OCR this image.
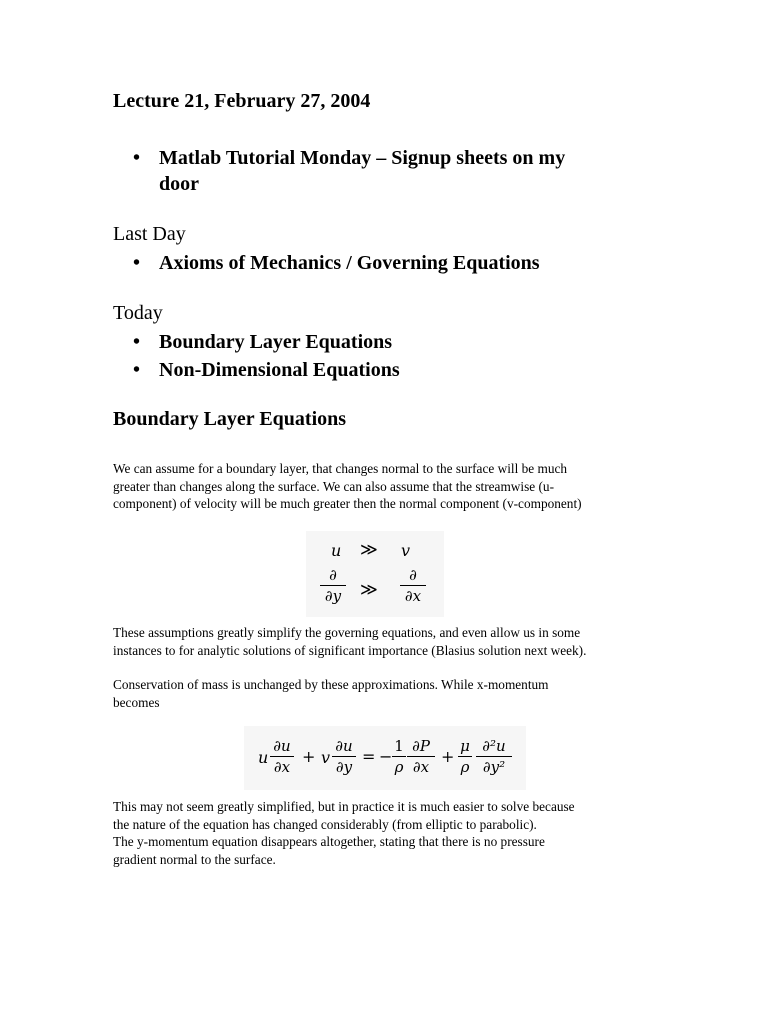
Lecture 21, February 27, 2004
• Matlab Tutorial Monday – Signup sheets on my
door
Last Day
• Axioms of Mechanics / Governing Equations
Today
• Boundary Layer Equations
• Non-Dimensional Equations
Boundary Layer Equations
We can assume for a boundary layer, that changes normal to the surface will be much
greater than changes along the surface. We can also assume that the streamwise (u-
component) of velocity will be much greater then the normal component (v-component)
u ≫ v
∂
∂y ≫
∂
∂x
These assumptions greatly simplify the governing equations, and even allow us in some
instances to for analytic solutions of significant importance (Blasius solution next week).
Conservation of mass is unchanged by these approximations. While x-momentum
becomes
u
∂u
∂x
+ v
∂u
∂y
= −
1
ρ
∂P
∂x
+
μ
ρ
∂²u
∂y²
This may not seem greatly simplified, but in practice it is much easier to solve because
the nature of the equation has changed considerably (from elliptic to parabolic).
The y-momentum equation disappears altogether, stating that there is no pressure
gradient normal to the surface.
